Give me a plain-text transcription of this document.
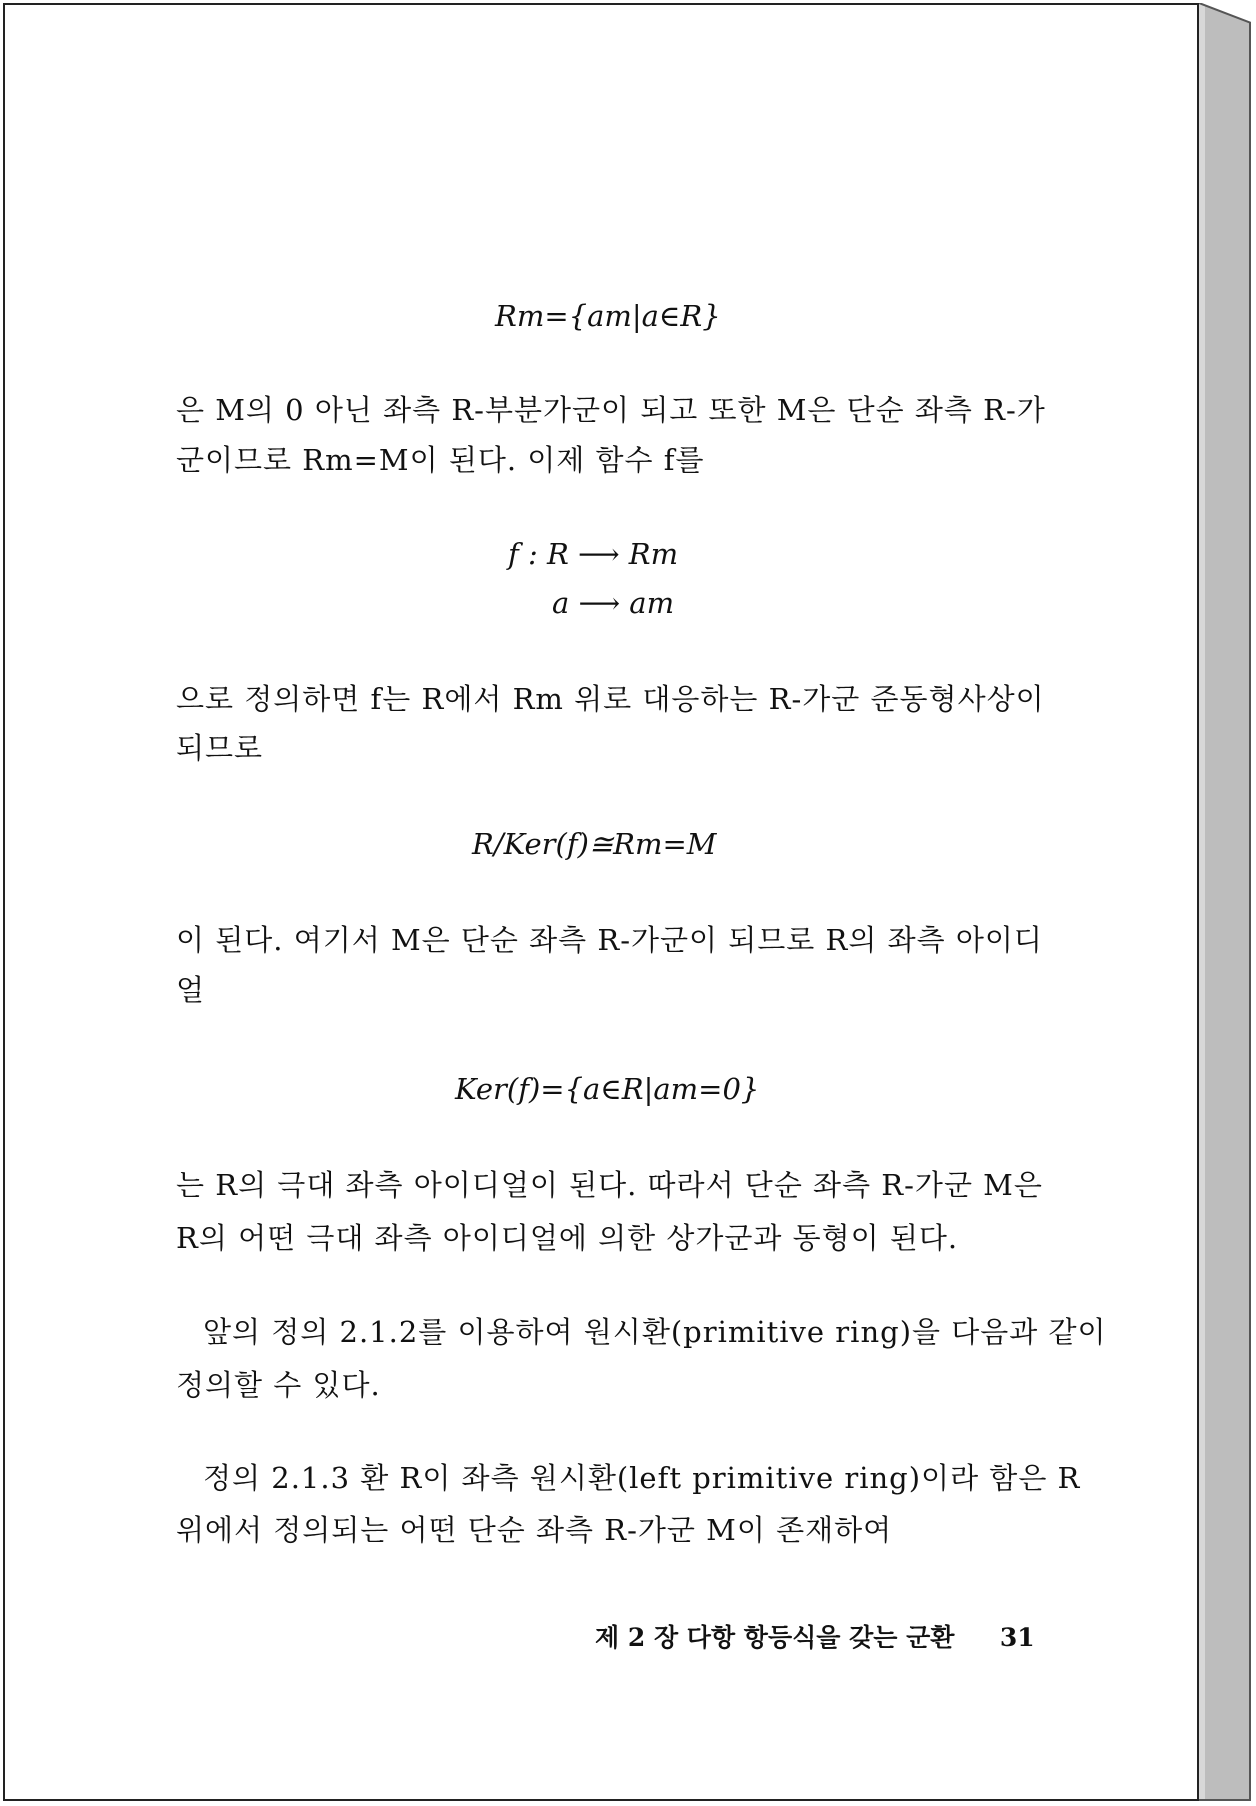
Rm={am|a∈R}
은 M의 0 아닌 좌측 R-부분가군이 되고 또한 M은 단순 좌측 R-가
군이므로 Rm=M이 된다. 이제 함수 f를
f : R ⟶ Rm
a ⟶ am
으로 정의하면 f는 R에서 Rm 위로 대응하는 R-가군 준동형사상이
되므로
R/Ker(f)≅Rm=M
이 된다. 여기서 M은 단순 좌측 R-가군이 되므로 R의 좌측 아이디
얼
Ker(f)={a∈R|am=0}
는 R의 극대 좌측 아이디얼이 된다. 따라서 단순 좌측 R-가군 M은
R의 어떤 극대 좌측 아이디얼에 의한 상가군과 동형이 된다.
앞의 정의 2.1.2를 이용하여 원시환(primitive ring)을 다음과 같이
정의할 수 있다.
정의 2.1.3 환 R이 좌측 원시환(left primitive ring)이라 함은 R
위에서 정의되는 어떤 단순 좌측 R-가군 M이 존재하여
제 2 장 다항 항등식을 갖는 군환 31
